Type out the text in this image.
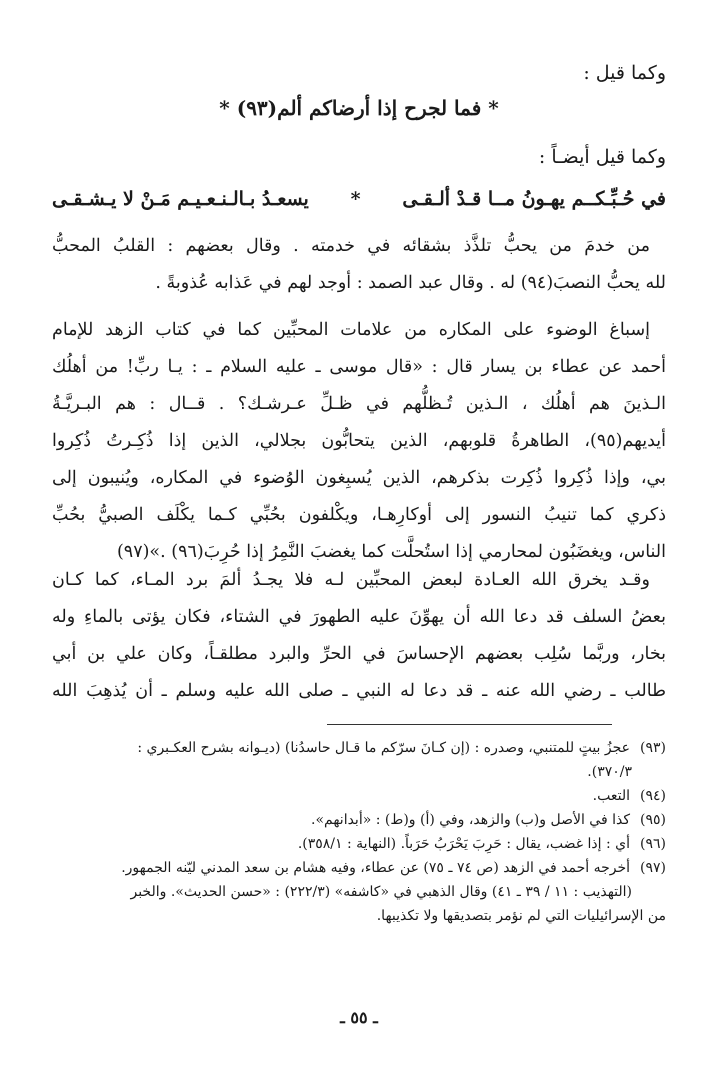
وكما قيل :
* فما لجرح إذا أرضاكم ألم(٩٣) *
وكما قيل أيضـاً :
في حُـبِّـكــم يهـونُ مــا قـدْ ألـقـى
*
يسعـدُ بـالـنـعـيـم مَـنْ لا يـشـقـى
من خدمَ من يحبُّ تلذَّذ بشقائه في خدمته . وقال بعضهم : القلبُ المحبُّ
لله يحبُّ النصبَ(٩٤) له . وقال عبد الصمد : أوجد لهم في عَذابه عُذوبةً .
إسباغ الوضوء على المكاره من علامات المحبِّين كما في كتاب الزهد للإمام
أحمد عن عطاء بن يسار قال : «قال موسى ـ عليه السلام ـ : يـا ربِّ! من أهلُك
الـذينَ هم أهلُك ، الـذين تُـظلُّهم في ظـلِّ عـرشـك؟ . قــال : هم البـريَّـةُ
أيديهم(٩٥)، الطاهرةُ قلوبهم، الذين يتحابُّون بجلالي، الذين إذا ذُكِـرتُ ذُكِروا
بي، وإذا ذُكِروا ذُكِرت بذكرهم، الذين يُسبِغون الوُضوء في المكاره، ويُنيبون إلى
ذكري كما تنيبُ النسور إلى أوكارِهـا، ويكْلفون بحُبِّي كـما يكْلَف الصبيُّ بحُبِّ
الناس، ويغضَبُون لمحارمي إذا استُحلَّت كما يغضبَ النَّمِرُ إذا حُرِبَ(٩٦) .»(٩٧)
وقـد يخرق الله العـادة لبعض المحبِّين لـه فلا يجـدُ ألمَ برد المـاء، كما كـان
بعضُ السلف قد دعا الله أن يهوِّنَ عليه الطهورَ في الشتاء، فكان يؤتى بالماءِ وله
بخار، وربَّما سُلِب بعضهم الإحساسَ في الحرِّ والبرد مطلقـاً، وكان علي بن أبي
طالب ـ رضي الله عنه ـ قد دعا له النبي ـ صلى الله عليه وسلم ـ أن يُذهِبَ الله
(٩٣)عجزُ بيتٍ للمتنبي، وصدره : (إن كـانَ سرّكم ما قـال حاسدُنا) (ديـوانه بشرح العكـبري :
٣٧٠/٣).
(٩٤)التعب.
(٩٥)كذا في الأصل و(ب) والزهد، وفي (أ) و(ط) : «أبدانهم».
(٩٦)أي : إذا غضب، يقال : حَرِبَ يَحْرَبُ حَرَباً. (النهاية : ٣٥٨/١).
(٩٧)أخرجه أحمد في الزهد (ص ٧٤ ـ ٧٥) عن عطاء، وفيه هشام بن سعد المدني ليّنه الجمهور.
(التهذيب : ١١ / ٣٩ ـ ٤١) وقال الذهبي في «كاشفه» (٢٢٢/٣) : «حسن الحديث». والخبر
من الإسرائيليات التي لم نؤمر بتصديقها ولا تكذيبها.
ـ ٥٥ ـ
